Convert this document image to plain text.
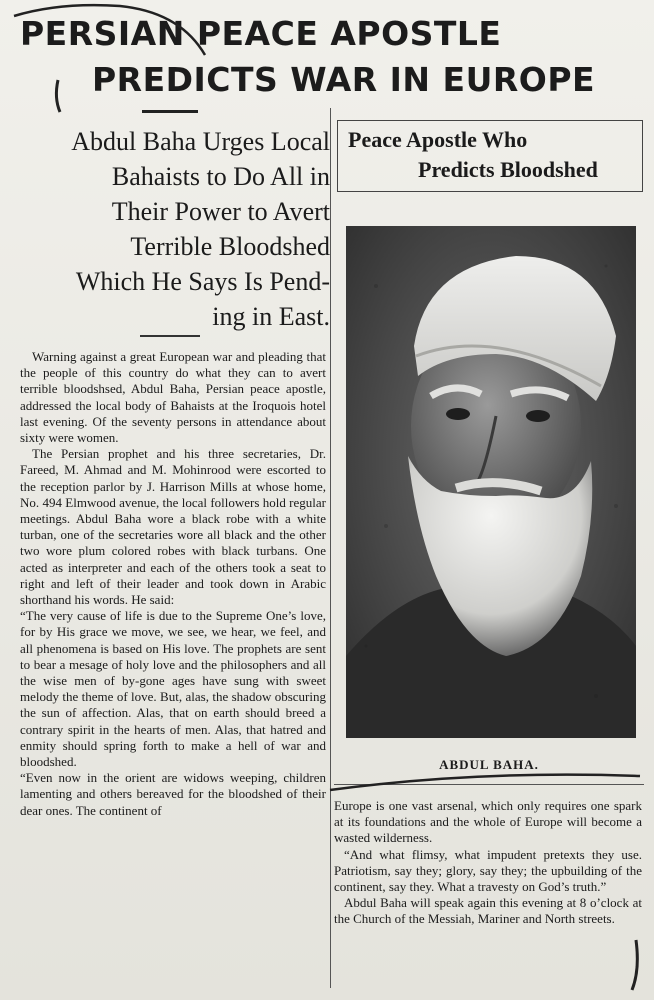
PERSIAN PEACE APOSTLE
PREDICTS WAR IN EUROPE
Abdul Baha Urges Local
Bahaists to Do All in
Their Power to Avert
Terrible Bloodshed
Which He Says Is Pend-
ing in East.

Warning against a great European war and pleading that the people of this country do what they can to avert terrible bloodshsed, Abdul Baha, Persian peace apostle, addressed the local body of Bahaists at the Iroquois hotel last evening. Of the seventy persons in attendance about sixty were women.

The Persian prophet and his three secretaries, Dr. Fareed, M. Ahmad and M. Mohinrood were escorted to the reception parlor by J. Harrison Mills at whose home, No. 494 Elmwood avenue, the local followers hold regular meetings. Abdul Baha wore a black robe with a white turban, one of the secretaries wore all black and the other two wore plum colored robes with black turbans. One acted as interpreter and each of the others took a seat to right and left of their leader and took down in Arabic shorthand his words. He said:

“The very cause of life is due to the Supreme One’s love, for by His grace we move, we see, we hear, we feel, and all phenomena is based on His love. The prophets are sent to bear a mesage of holy love and the philosophers and all the wise men of by-gone ages have sung with sweet melody the theme of love. But, alas, the shadow obscuring the sun of affection. Alas, that on earth should breed a contrary spirit in the hearts of men. Alas, that hatred and enmity should spring forth to make a hell of war and bloodshed.

“Even now in the orient are widows weeping, children lamenting and others bereaved for the bloodshed of their dear ones. The continent of

Peace Apostle Who
Predicts Bloodshed
ABDUL BAHA.

Europe is one vast arsenal, which only requires one spark at its foundations and the whole of Europe will become a wasted wilderness.

“And what flimsy, what impudent pretexts they use. Patriotism, say they; glory, say they; the upbuilding of the continent, say they. What a travesty on God’s truth.”

Abdul Baha will speak again this evening at 8 o’clock at the Church of the Messiah, Mariner and North streets.
